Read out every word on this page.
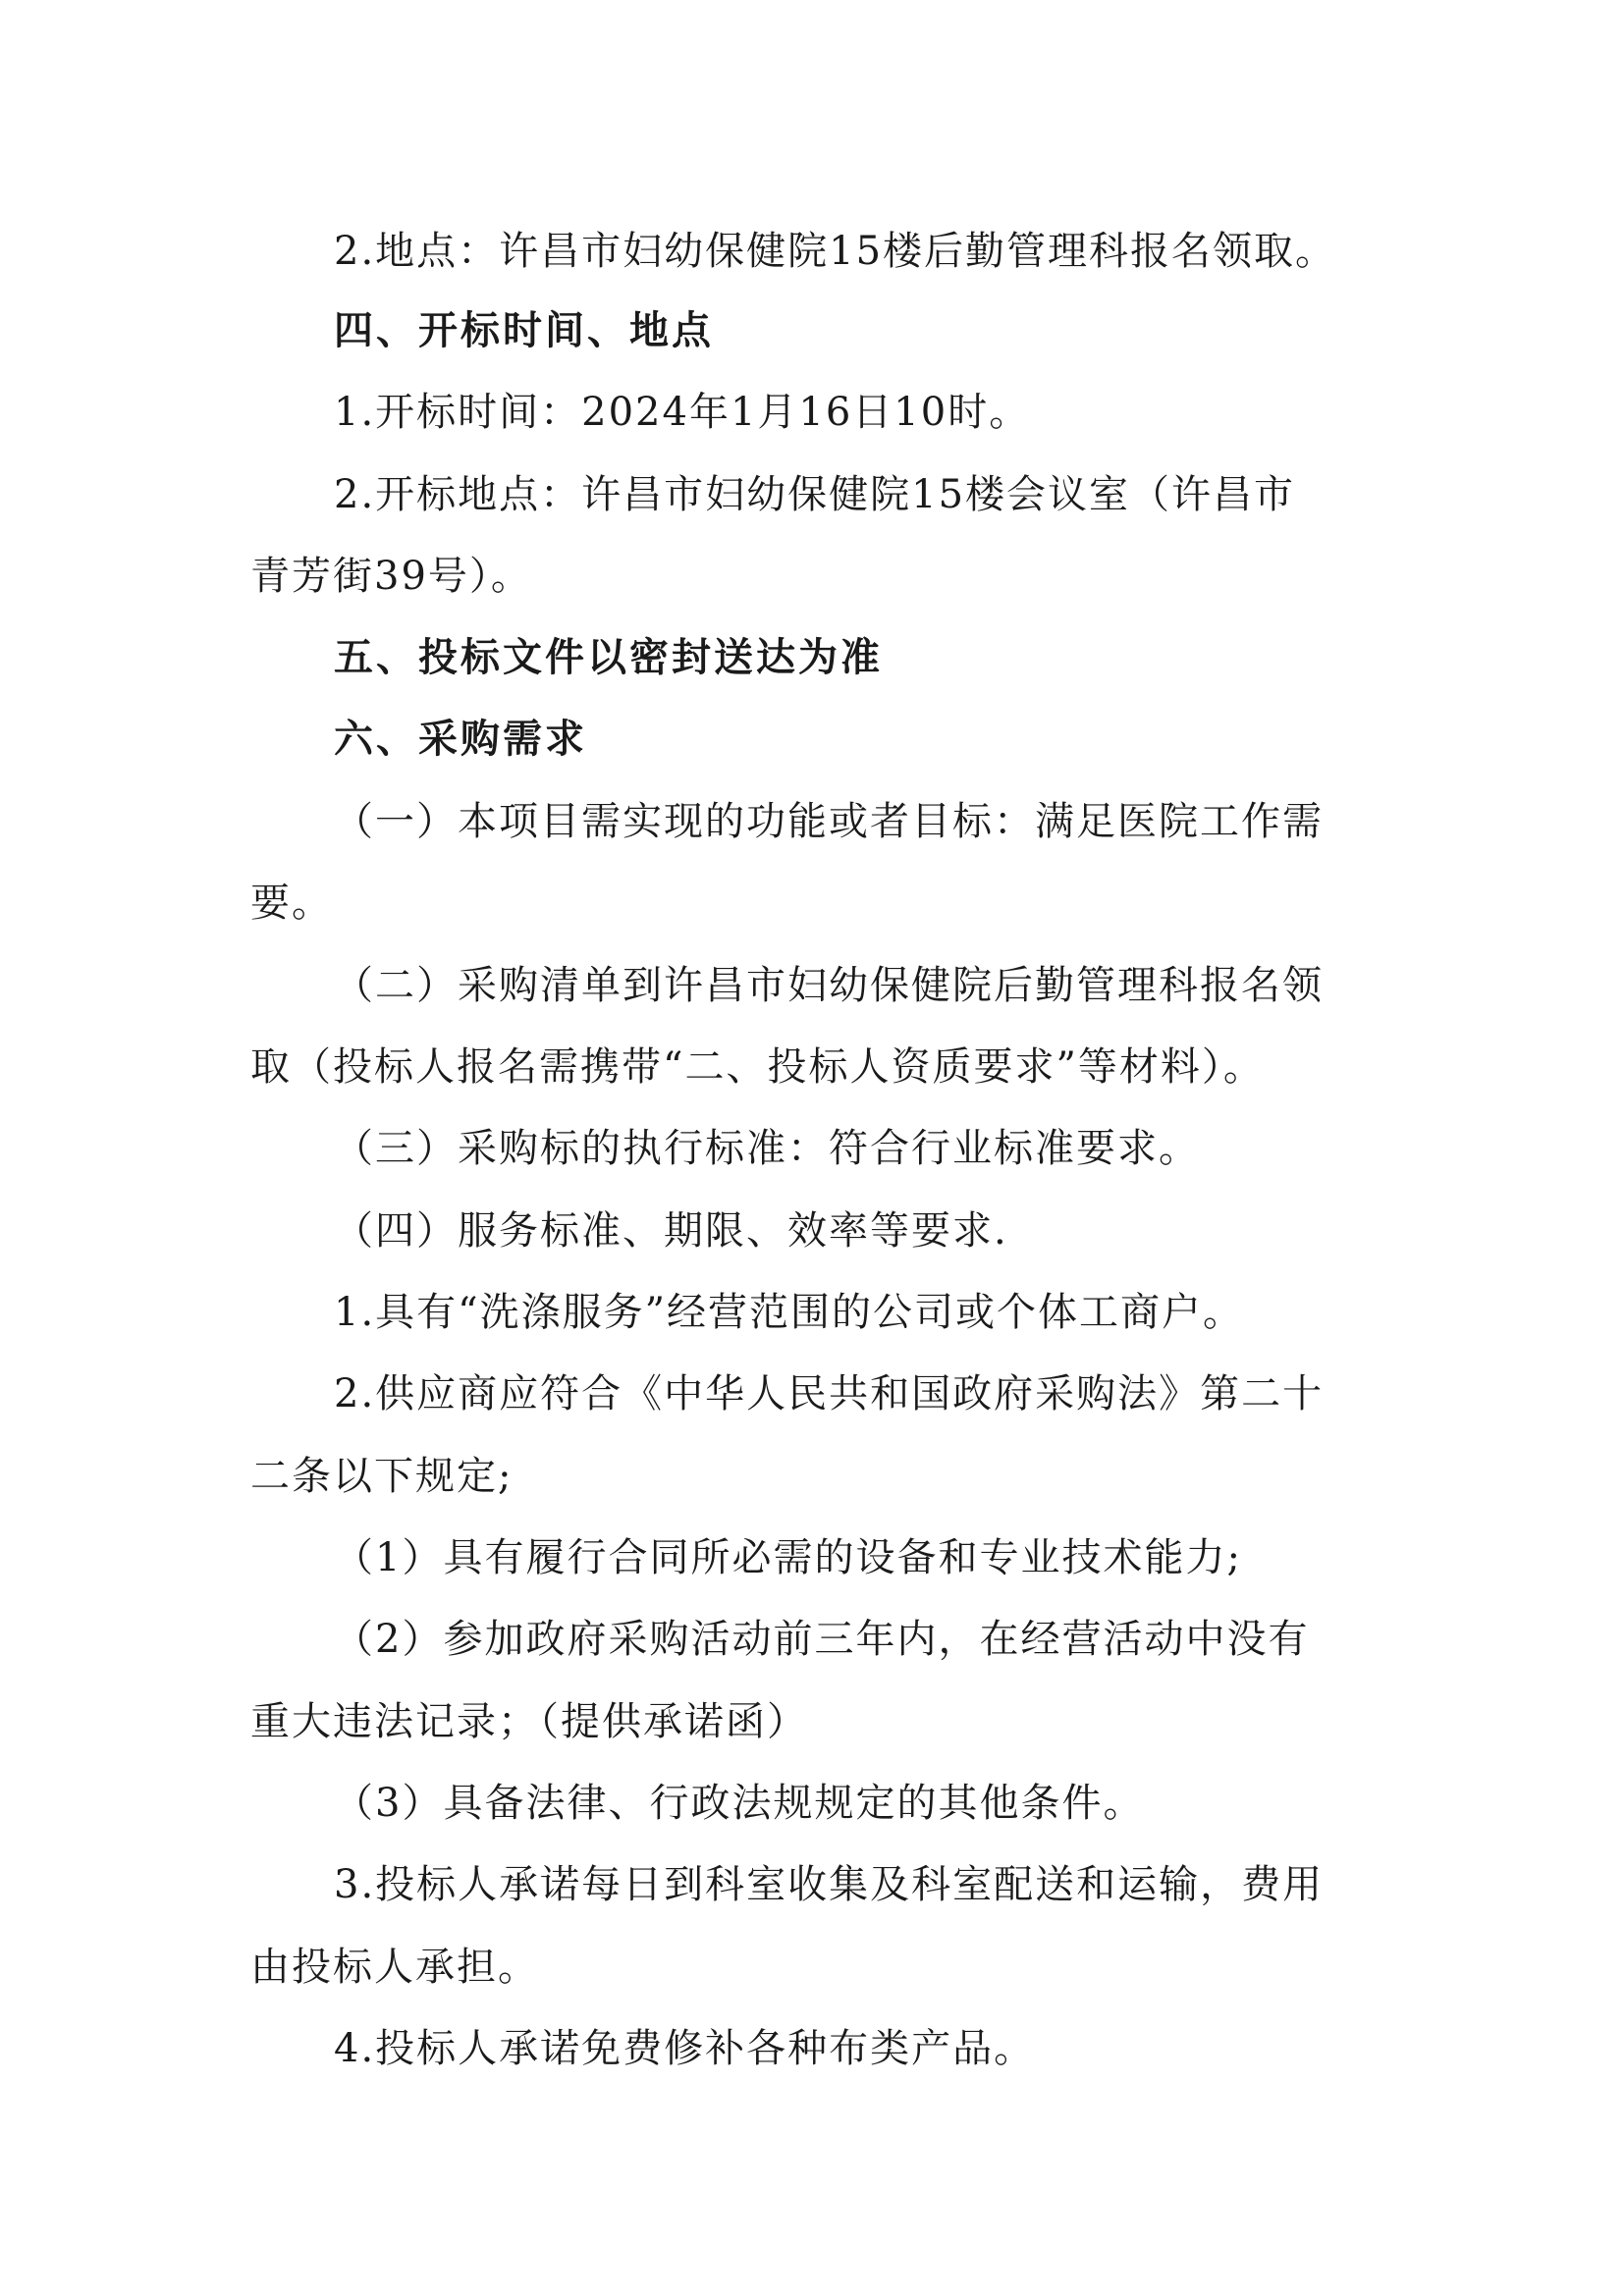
2.地点：许昌市妇幼保健院15楼后勤管理科报名领取。
四、开标时间、地点
1.开标时间：2024年1月16日10时。
2.开标地点：许昌市妇幼保健院15楼会议室（许昌市
青芳街39号）。
五、投标文件以密封送达为准
六、采购需求
（一）本项目需实现的功能或者目标：满足医院工作需
要。
（二）采购清单到许昌市妇幼保健院后勤管理科报名领
取（投标人报名需携带“二、投标人资质要求”等材料）。
（三）采购标的执行标准：符合行业标准要求。
（四）服务标准、期限、效率等要求.
1.具有“洗涤服务”经营范围的公司或个体工商户。
2.供应商应符合《中华人民共和国政府采购法》第二十
二条以下规定;
（1）具有履行合同所必需的设备和专业技术能力;
（2）参加政府采购活动前三年内，在经营活动中没有
重大违法记录；（提供承诺函）
（3）具备法律、行政法规规定的其他条件。
3.投标人承诺每日到科室收集及科室配送和运输，费用
由投标人承担。
4.投标人承诺免费修补各种布类产品。
